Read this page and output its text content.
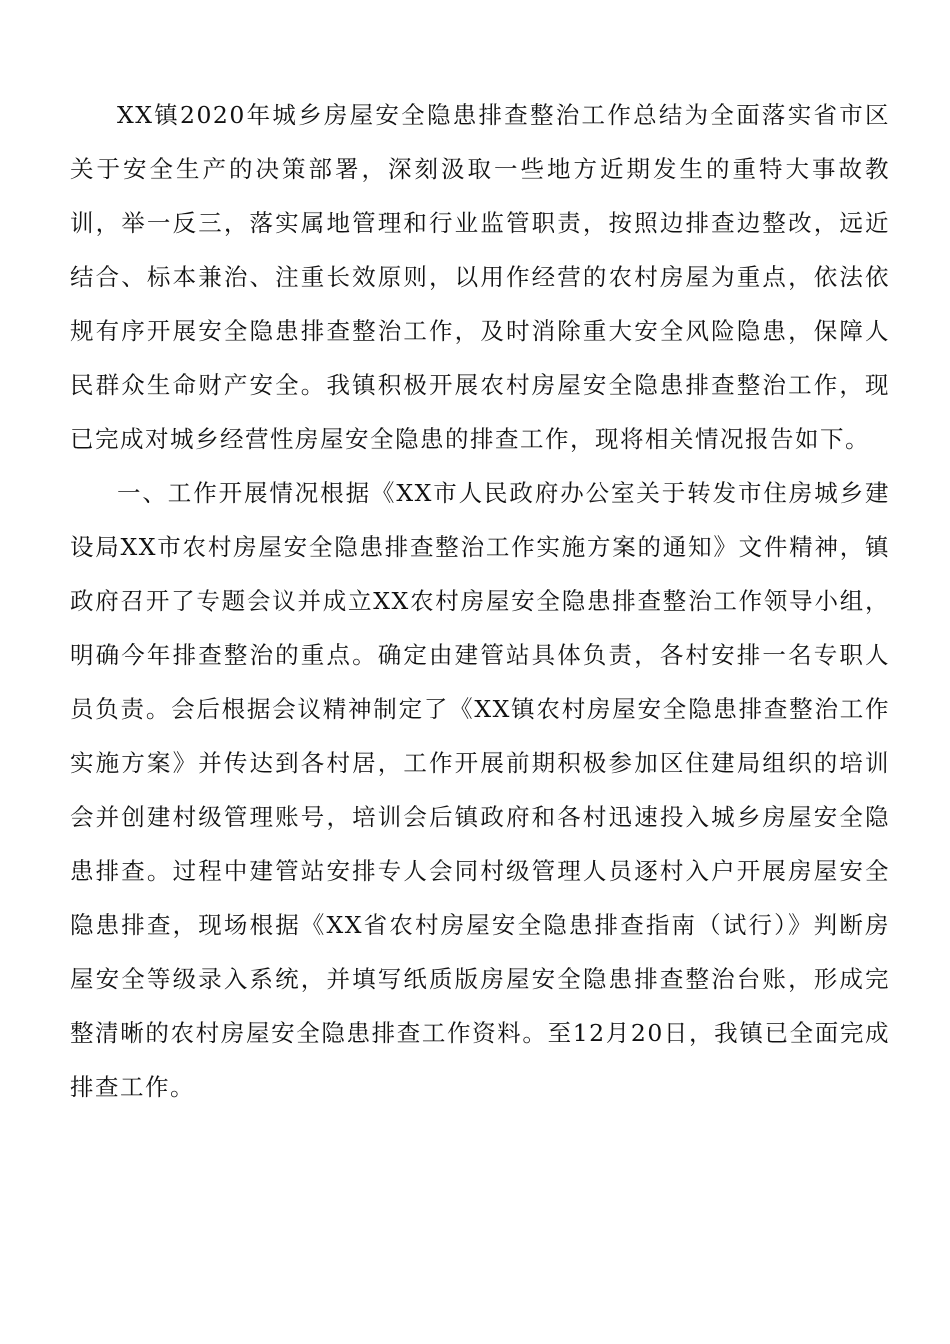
XX镇2020年城乡房屋安全隐患排查整治工作总结为全面落实省市区关于安全生产的决策部署，深刻汲取一些地方近期发生的重特大事故教训，举一反三，落实属地管理和行业监管职责，按照边排查边整改，远近结合、标本兼治、注重长效原则，以用作经营的农村房屋为重点，依法依规有序开展安全隐患排查整治工作，及时消除重大安全风险隐患，保障人民群众生命财产安全。我镇积极开展农村房屋安全隐患排查整治工作，现已完成对城乡经营性房屋安全隐患的排查工作，现将相关情况报告如下。

一、工作开展情况根据《XX市人民政府办公室关于转发市住房城乡建设局XX市农村房屋安全隐患排查整治工作实施方案的通知》文件精神，镇政府召开了专题会议并成立XX农村房屋安全隐患排查整治工作领导小组，明确今年排查整治的重点。确定由建管站具体负责，各村安排一名专职人员负责。会后根据会议精神制定了《XX镇农村房屋安全隐患排查整治工作实施方案》并传达到各村居，工作开展前期积极参加区住建局组织的培训会并创建村级管理账号，培训会后镇政府和各村迅速投入城乡房屋安全隐患排查。过程中建管站安排专人会同村级管理人员逐村入户开展房屋安全隐患排查，现场根据《XX省农村房屋安全隐患排查指南（试行）》判断房屋安全等级录入系统，并填写纸质版房屋安全隐患排查整治台账，形成完整清晰的农村房屋安全隐患排查工作资料。至12月20日，我镇已全面完成排查工作。
